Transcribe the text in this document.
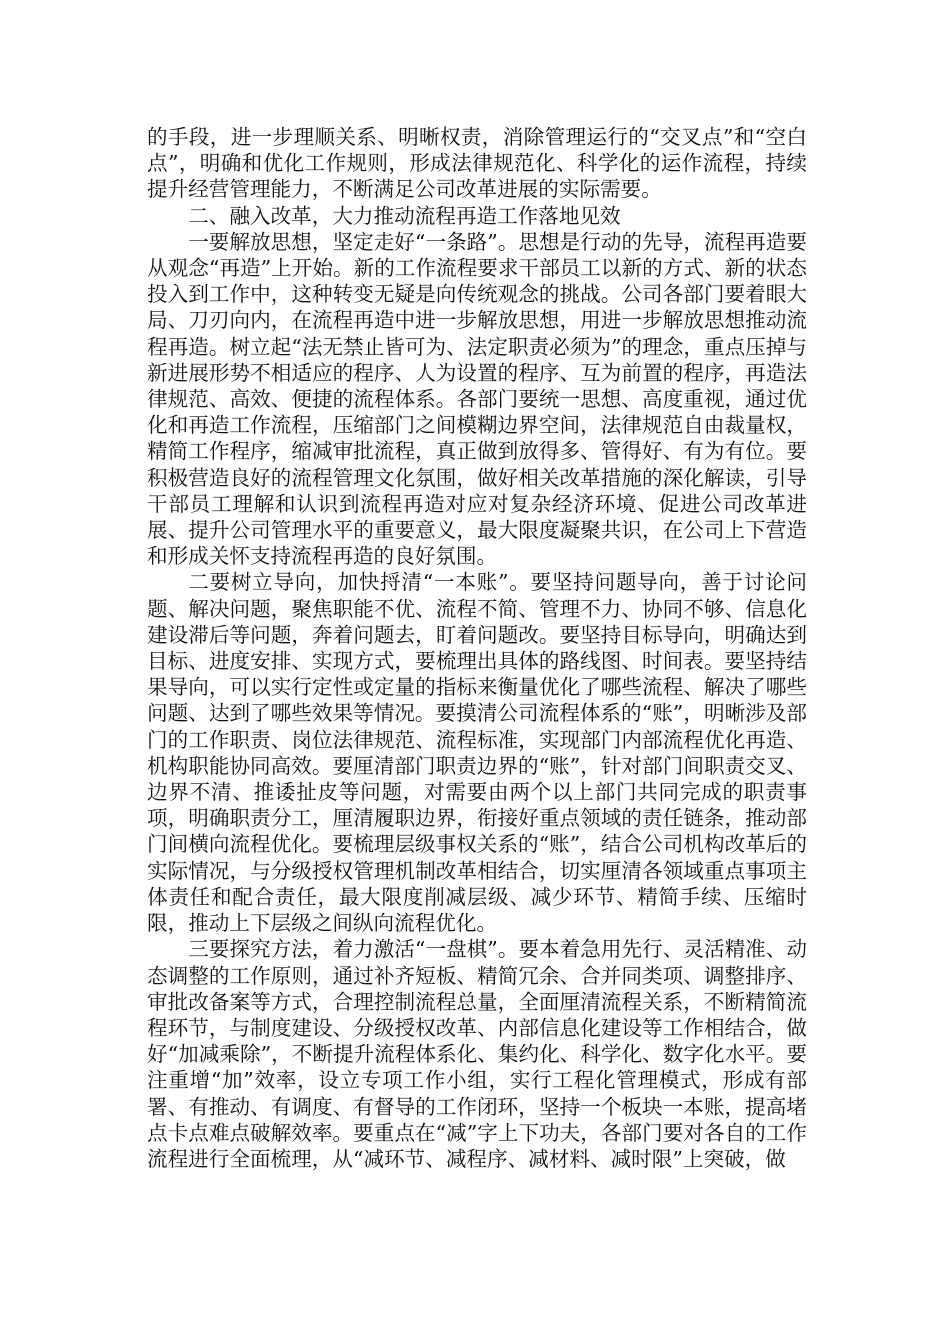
的手段，进一步理顺关系、明晰权责，消除管理运行的“交叉点”和“空白点”，明确和优化工作规则，形成法律规范化、科学化的运作流程，持续提升经营管理能力，不断满足公司改革进展的实际需要。

二、融入改革，大力推动流程再造工作落地见效

一要解放思想，坚定走好“一条路”。思想是行动的先导，流程再造要从观念“再造”上开始。新的工作流程要求干部员工以新的方式、新的状态投入到工作中，这种转变无疑是向传统观念的挑战。公司各部门要着眼大局、刀刃向内，在流程再造中进一步解放思想，用进一步解放思想推动流程再造。树立起“法无禁止皆可为、法定职责必须为”的理念，重点压掉与新进展形势不相适应的程序、人为设置的程序、互为前置的程序，再造法律规范、高效、便捷的流程体系。各部门要统一思想、高度重视，通过优化和再造工作流程，压缩部门之间模糊边界空间，法律规范自由裁量权，精简工作程序，缩减审批流程，真正做到放得多、管得好、有为有位。要积极营造良好的流程管理文化氛围，做好相关改革措施的深化解读，引导干部员工理解和认识到流程再造对应对复杂经济环境、促进公司改革进展、提升公司管理水平的重要意义，最大限度凝聚共识，在公司上下营造和形成关怀支持流程再造的良好氛围。

二要树立导向，加快捋清“一本账”。要坚持问题导向，善于讨论问题、解决问题，聚焦职能不优、流程不简、管理不力、协同不够、信息化建设滞后等问题，奔着问题去，盯着问题改。要坚持目标导向，明确达到目标、进度安排、实现方式，要梳理出具体的路线图、时间表。要坚持结果导向，可以实行定性或定量的指标来衡量优化了哪些流程、解决了哪些问题、达到了哪些效果等情况。要摸清公司流程体系的“账”，明晰涉及部门的工作职责、岗位法律规范、流程标准，实现部门内部流程优化再造、机构职能协同高效。要厘清部门职责边界的“账”，针对部门间职责交叉、边界不清、推诿扯皮等问题，对需要由两个以上部门共同完成的职责事项，明确职责分工，厘清履职边界，衔接好重点领域的责任链条，推动部门间横向流程优化。要梳理层级事权关系的“账”，结合公司机构改革后的实际情况，与分级授权管理机制改革相结合，切实厘清各领域重点事项主体责任和配合责任，最大限度削减层级、减少环节、精简手续、压缩时限，推动上下层级之间纵向流程优化。

三要探究方法，着力激活“一盘棋”。要本着急用先行、灵活精准、动态调整的工作原则，通过补齐短板、精简冗余、合并同类项、调整排序、审批改备案等方式，合理控制流程总量，全面厘清流程关系，不断精简流程环节，与制度建设、分级授权改革、内部信息化建设等工作相结合，做好“加减乘除”，不断提升流程体系化、集约化、科学化、数字化水平。要注重增“加”效率，设立专项工作小组，实行工程化管理模式，形成有部署、有推动、有调度、有督导的工作闭环，坚持一个板块一本账，提高堵点卡点难点破解效率。要重点在“减”字上下功夫，各部门要对各自的工作流程进行全面梳理，从“减环节、减程序、减材料、减时限”上突破，做
